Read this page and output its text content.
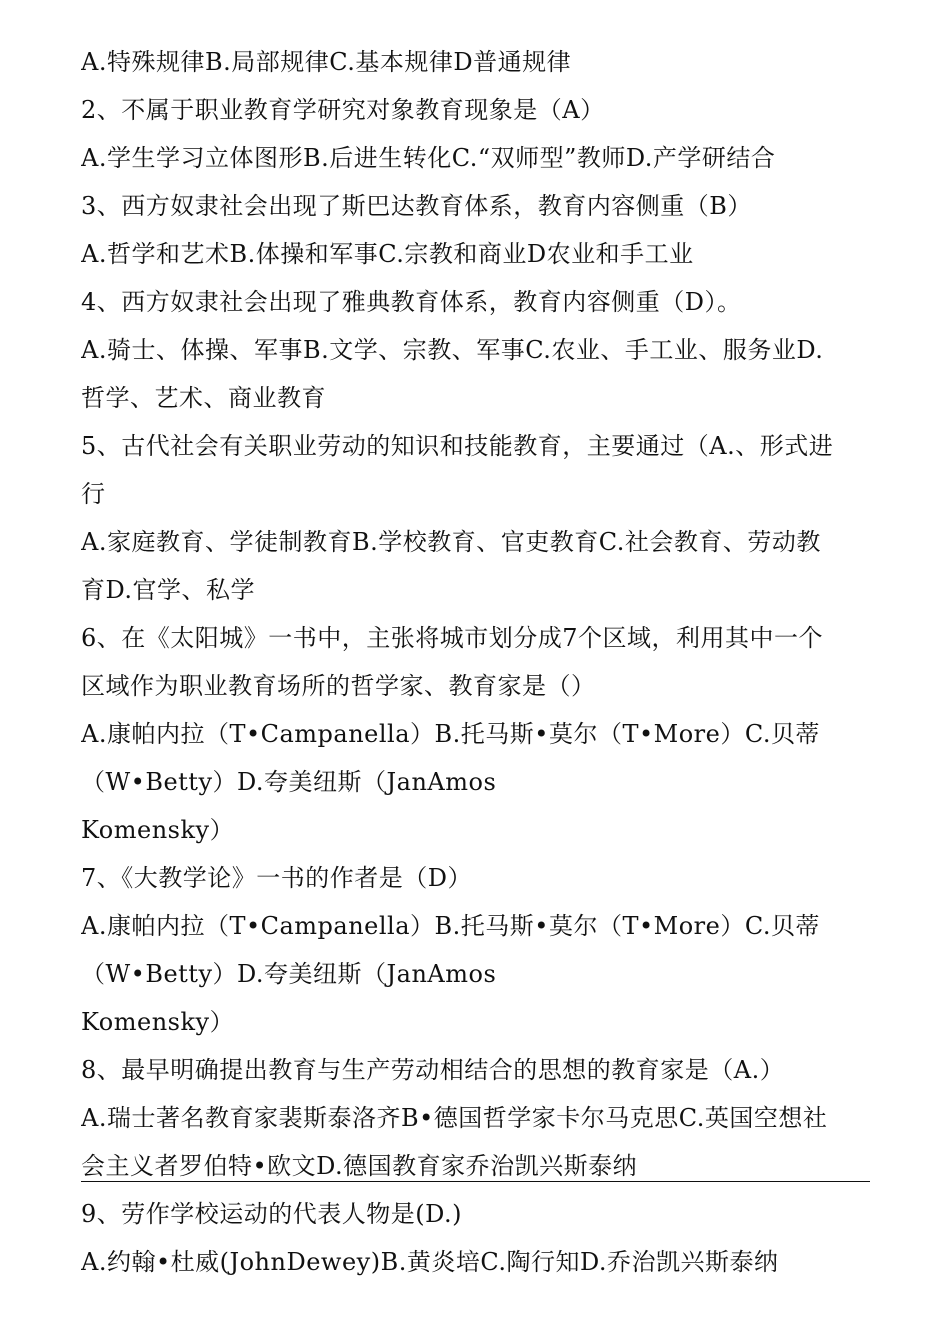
A.特殊规律B.局部规律C.基本规律D普通规律
2、不属于职业教育学研究对象教育现象是（A）
A.学生学习立体图形B.后进生转化C.“双师型”教师D.产学研结合
3、西方奴隶社会出现了斯巴达教育体系，教育内容侧重（B）
A.哲学和艺术B.体操和军事C.宗教和商业D农业和手工业
4、西方奴隶社会出现了雅典教育体系，教育内容侧重（D）。
A.骑士、体操、军事B.文学、宗教、军事C.农业、手工业、服务业D.
哲学、艺术、商业教育
5、古代社会有关职业劳动的知识和技能教育，主要通过（A.、形式进
行
A.家庭教育、学徒制教育B.学校教育、官吏教育C.社会教育、劳动教
育D.官学、私学
6、在《太阳城》一书中，主张将城市划分成7个区域，利用其中一个
区域作为职业教育场所的哲学家、教育家是（）
A.康帕内拉（T•Campanella）B.托马斯•莫尔（T•More）C.贝蒂
（W•Betty）D.夸美纽斯（JanAmos
Komensky）
7、《大教学论》一书的作者是（D）
A.康帕内拉（T•Campanella）B.托马斯•莫尔（T•More）C.贝蒂
（W•Betty）D.夸美纽斯（JanAmos
Komensky）
8、最早明确提出教育与生产劳动相结合的思想的教育家是（A.）
A.瑞士著名教育家裴斯泰洛齐B•德国哲学家卡尔马克思C.英国空想社
会主义者罗伯特•欧文D.德国教育家乔治凯兴斯泰纳
9、劳作学校运动的代表人物是(D.)
A.约翰•杜威(JohnDewey)B.黄炎培C.陶行知D.乔治凯兴斯泰纳
